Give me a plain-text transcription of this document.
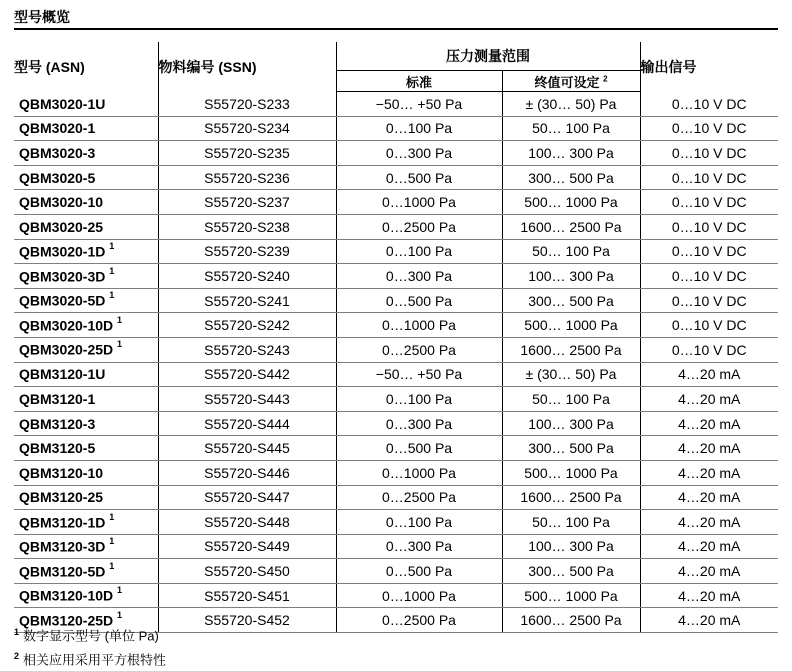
型号概览
型号 (ASN)	物料编号 (SSN)	压力测量范围		输出信号
		标准	终值可设定 $^2$
QBM3020-1U	S55720-S233	−50… +50 Pa	± (30… 50) Pa	0…10 V DC
QBM3020-1	S55720-S234	0…100 Pa	50… 100 Pa	0…10 V DC
QBM3020-3	S55720-S235	0…300 Pa	100… 300 Pa	0…10 V DC
QBM3020-5	S55720-S236	0…500 Pa	300… 500 Pa	0…10 V DC
QBM3020-10	S55720-S237	0…1000 Pa	500… 1000 Pa	0…10 V DC
QBM3020-25	S55720-S238	0…2500 Pa	1600… 2500 Pa	0…10 V DC
QBM3020-1D $^1$	S55720-S239	0…100 Pa	50… 100 Pa	0…10 V DC
QBM3020-3D $^1$	S55720-S240	0…300 Pa	100… 300 Pa	0…10 V DC
QBM3020-5D $^1$	S55720-S241	0…500 Pa	300… 500 Pa	0…10 V DC
QBM3020-10D $^1$	S55720-S242	0…1000 Pa	500… 1000 Pa	0…10 V DC
QBM3020-25D $^1$	S55720-S243	0…2500 Pa	1600… 2500 Pa	0…10 V DC
QBM3120-1U	S55720-S442	−50… +50 Pa	± (30… 50) Pa	4…20 mA
QBM3120-1	S55720-S443	0…100 Pa	50… 100 Pa	4…20 mA
QBM3120-3	S55720-S444	0…300 Pa	100… 300 Pa	4…20 mA
QBM3120-5	S55720-S445	0…500 Pa	300… 500 Pa	4…20 mA
QBM3120-10	S55720-S446	0…1000 Pa	500… 1000 Pa	4…20 mA
QBM3120-25	S55720-S447	0…2500 Pa	1600… 2500 Pa	4…20 mA
QBM3120-1D $^1$	S55720-S448	0…100 Pa	50… 100 Pa	4…20 mA
QBM3120-3D $^1$	S55720-S449	0…300 Pa	100… 300 Pa	4…20 mA
QBM3120-5D $^1$	S55720-S450	0…500 Pa	300… 500 Pa	4…20 mA
QBM3120-10D $^1$	S55720-S451	0…1000 Pa	500… 1000 Pa	4…20 mA
QBM3120-25D $^1$	S55720-S452	0…2500 Pa	1600… 2500 Pa	4…20 mA
$^1$ 数字显示型号 (单位 Pa)
$^2$ 相关应用采用平方根特性
